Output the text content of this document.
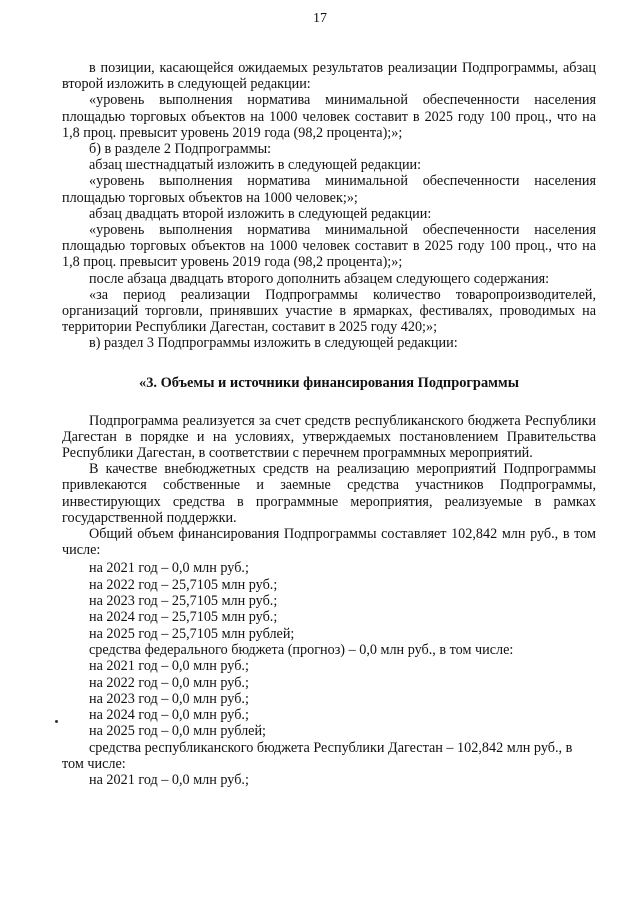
17

в позиции, касающейся ожидаемых результатов реализации Подпрограммы, абзац второй изложить в следующей редакции:

«уровень выполнения норматива минимальной обеспеченности населения площадью торговых объектов на 1000 человек составит в 2025 году 100 проц., что на 1,8 проц. превысит уровень 2019 года (98,2 процента);»;

б) в разделе 2 Подпрограммы:

абзац шестнадцатый изложить в следующей редакции:

«уровень выполнения норматива минимальной обеспеченности населения площадью торговых объектов на 1000 человек;»;

абзац двадцать второй изложить в следующей редакции:

«уровень выполнения норматива минимальной обеспеченности населения площадью торговых объектов на 1000 человек составит в 2025 году 100 проц., что на 1,8 проц. превысит уровень 2019 года (98,2 процента);»;

после абзаца двадцать второго дополнить абзацем следующего содержания:

«за период реализации Подпрограммы количество товаропроизводителей, организаций торговли, принявших участие в ярмарках, фестивалях, проводимых на территории Республики Дагестан, составит в 2025 году 420;»;

в) раздел 3 Подпрограммы изложить в следующей редакции:

«3. Объемы и источники финансирования Подпрограммы

Подпрограмма реализуется за счет средств республиканского бюджета Республики Дагестан в порядке и на условиях, утверждаемых постановлением Правительства Республики Дагестан, в соответствии с перечнем программных мероприятий.

В качестве внебюджетных средств на реализацию мероприятий Подпрограммы привлекаются собственные и заемные средства участников Подпрограммы, инвестирующих средства в программные мероприятия, реализуемые в рамках государственной поддержки.

Общий объем финансирования Подпрограммы составляет 102,842 млн руб., в том числе:

на 2021 год – 0,0 млн руб.;
на 2022 год – 25,7105 млн руб.;
на 2023 год – 25,7105 млн руб.;
на 2024 год – 25,7105 млн руб.;
на 2025 год – 25,7105 млн рублей;
средства федерального бюджета (прогноз) – 0,0 млн руб., в том числе:
на 2021 год – 0,0 млн руб.;
на 2022 год – 0,0 млн руб.;
на 2023 год – 0,0 млн руб.;
на 2024 год – 0,0 млн руб.;
на 2025 год – 0,0 млн рублей;
средства республиканского бюджета Республики Дагестан – 102,842 млн руб., в том числе:
на 2021 год – 0,0 млн руб.;
